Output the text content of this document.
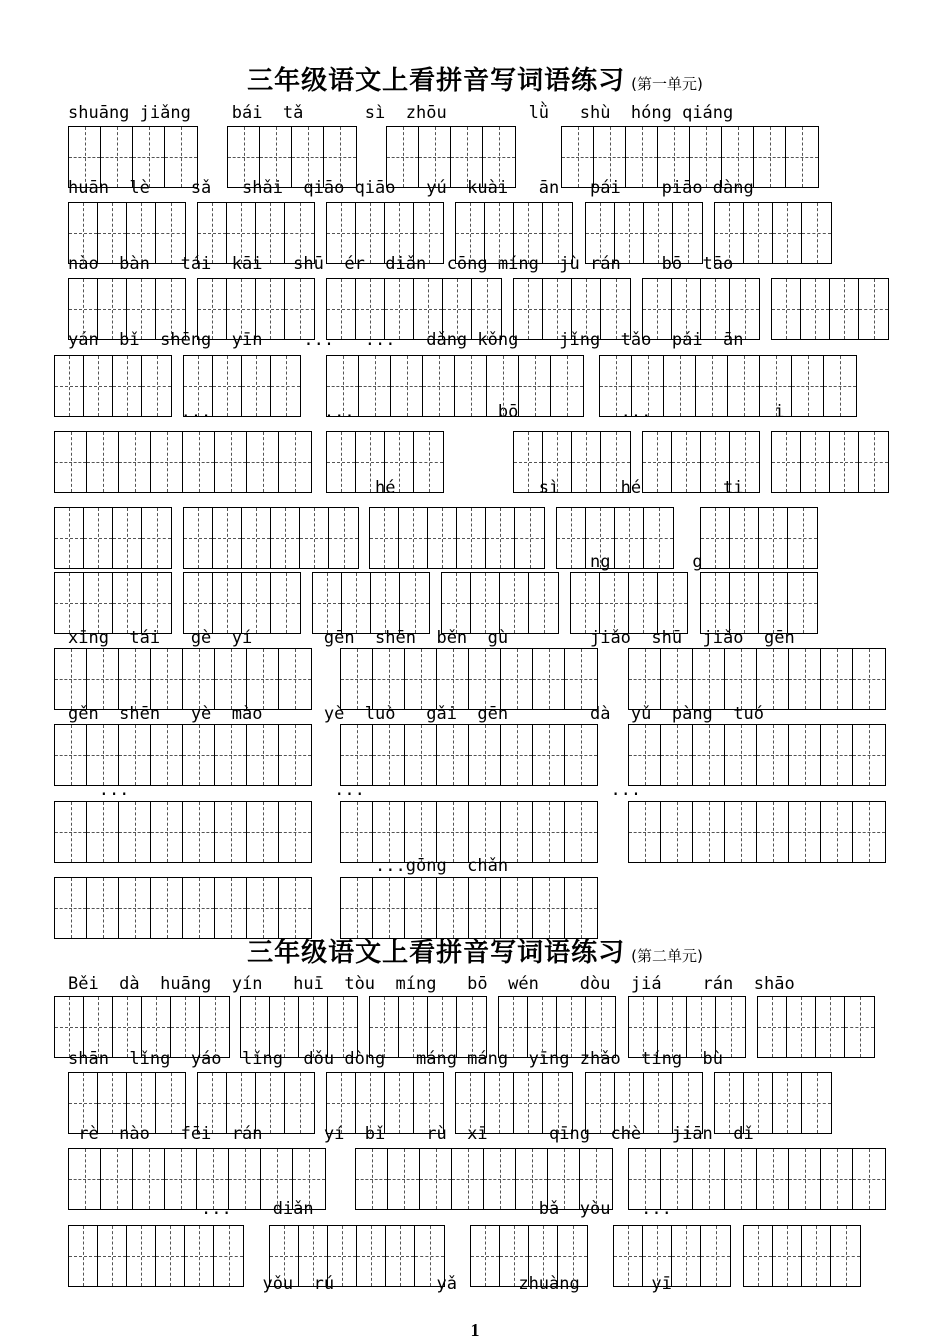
三年级语文上看拼音写词语练习 (第一单元)
shuāng jiǎng    bái  tǎ      sì  zhōu        lǜ   shù  hóng qiáng
huān  lè    sǎ   shǎi  qiāo qiāo   yú  kuài   ān   pái    piāo dàng
nào  bàn   tái  kāi   shū  ér  diǎn  cōng míng  jù rán    bō  tāo
yán  bǐ  shēng  yīn    ...   ...   dǎng kǒng    jǐng  tǎo  pái  ān
...           ...              bō          ...            i
hé              sì      hé        ti
ng        g
xīng  tái   gè  yí       gēn  shēn  běn  gù        jiǎo  shū  jiǎo  gēn
gěn  shēn   yè  mào      yè  luò   gǎi  gēn        dà  yǔ  pàng  tuó
...                    ...                        ...
...gōng  chǎn
三年级语文上看拼音写词语练习 (第二单元)
Běi  dà  huāng  yín   huī  tòu  míng   bō  wén    dòu  jiá    rán  shāo
shān  lǐng  yáo  lǐng  dǒu dòng   máng máng  yīng zhǎo  tíng  bù
rè  nào   fēi  rán      yí  bǐ    rù  xī      qīng  chè   jiān  dǐ
...    diǎn                      bǎ  yòu   ...
yǒu  rú          yǎ      zhuàng       yī
1
